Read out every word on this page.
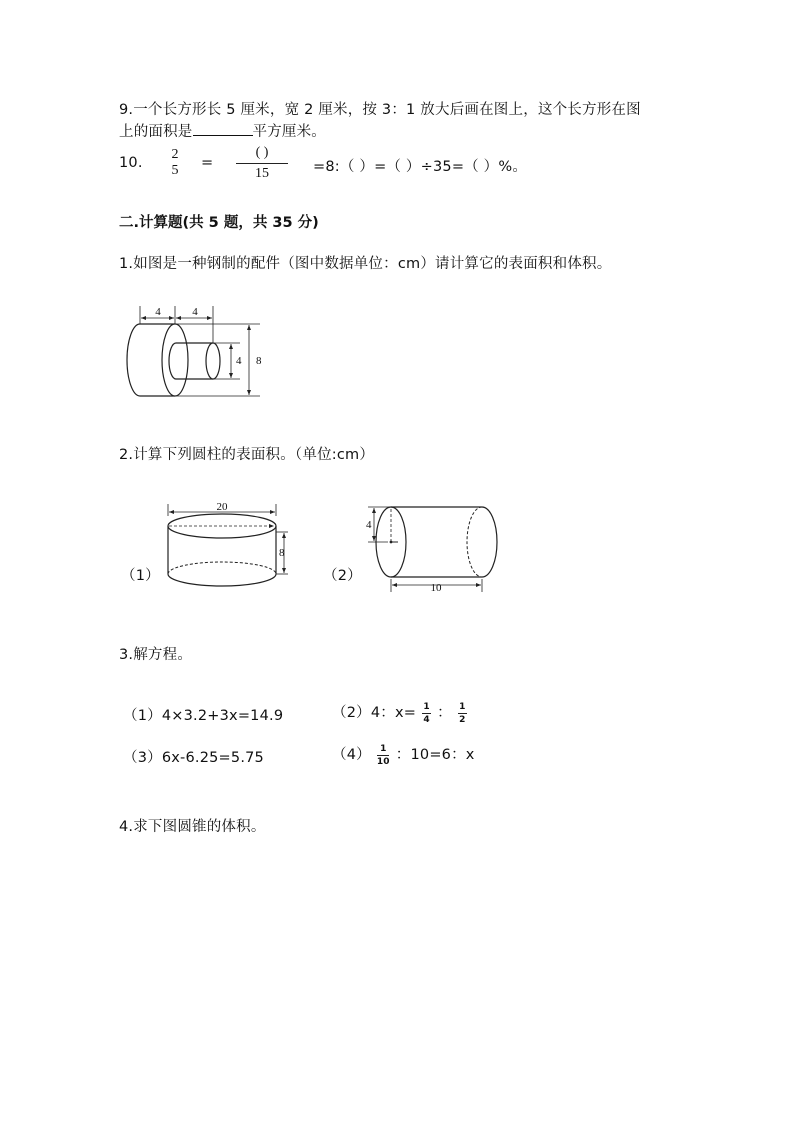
9.一个长方形长 5 厘米，宽 2 厘米，按 3：1 放大后画在图上，这个长方形在图
上的面积是	平方厘米。
10.
2
5	=
( )
15	=8:（ ）=（ ）÷35=（ ）%。
二.计算题(共 5 题，共 35 分)
1.如图是一种钢制的配件（图中数据单位：cm）请计算它的表面积和体积。
4	4
4 8
2.计算下列圆柱的表面积。（单位:cm）
（1）
20
8
（2）
4
10
3.解方程。
（1）4×3.2+3x=14.9	（2）4：$x= \frac{1}{4}$ ： $\frac{1}{2}$
（3）6x-6.25=5.75	$(4) \frac{1}{10}$ ：10=6：x
4.求下图圆锥的体积。
